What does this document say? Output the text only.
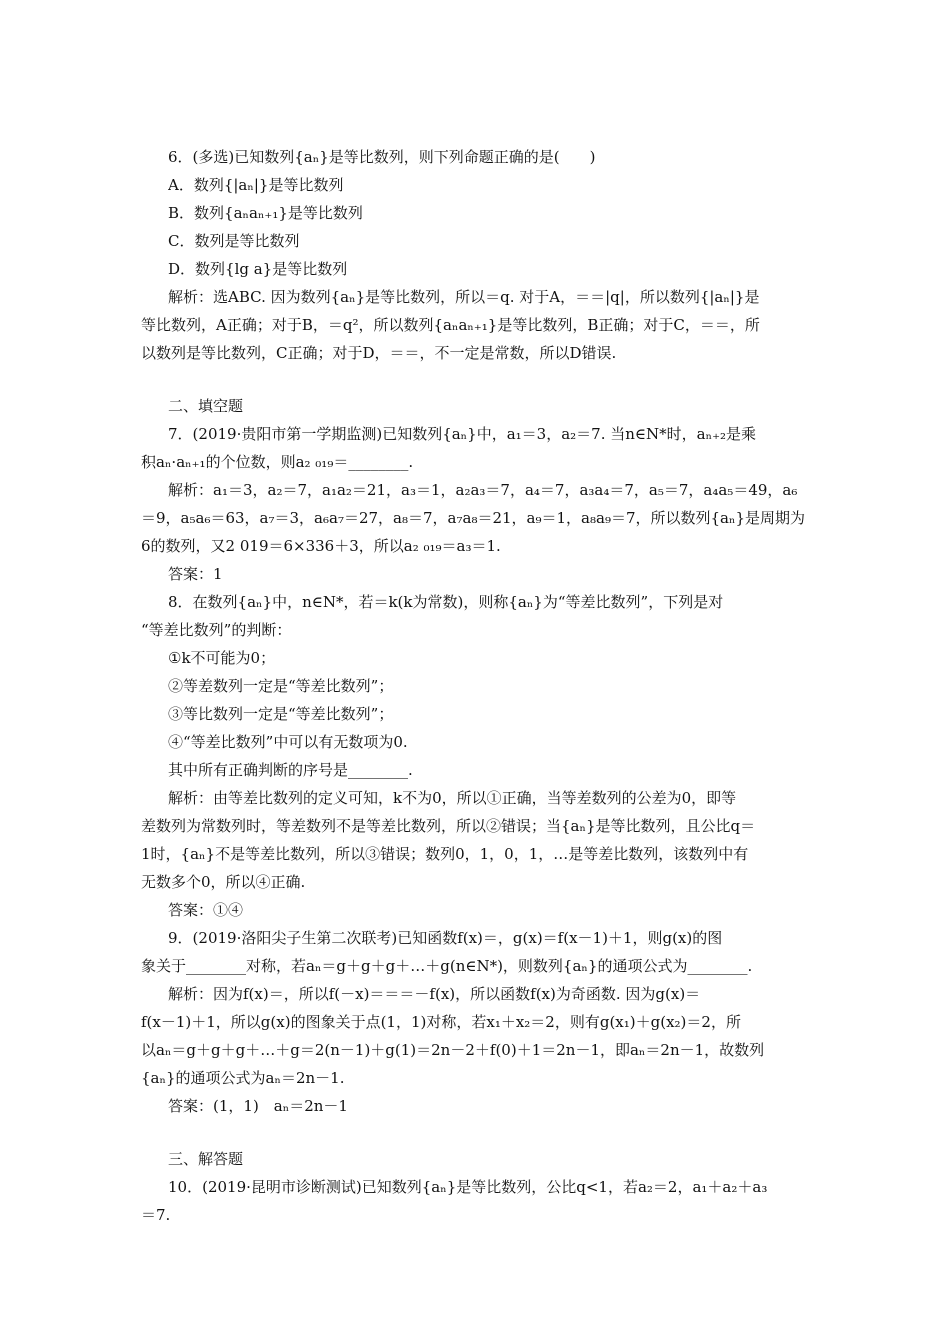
6．(多选)已知数列{aₙ}是等比数列，则下列命题正确的是(　　)
A．数列{|aₙ|}是等比数列
B．数列{aₙaₙ₊₁}是等比数列
C．数列是等比数列
D．数列{lg a}是等比数列
解析：选ABC. 因为数列{aₙ}是等比数列，所以＝q. 对于A，＝＝|q|，所以数列{|aₙ|}是
等比数列，A正确；对于B，＝q²，所以数列{aₙaₙ₊₁}是等比数列，B正确；对于C，＝＝，所
以数列是等比数列，C正确；对于D，＝＝，不一定是常数，所以D错误.
二、填空题
7．(2019·贵阳市第一学期监测)已知数列{aₙ}中，a₁＝3，a₂＝7. 当n∈N*时，aₙ₊₂是乘
积aₙ·aₙ₊₁的个位数，则a₂ ₀₁₉＝________.
解析：a₁＝3，a₂＝7，a₁a₂＝21，a₃＝1，a₂a₃＝7，a₄＝7，a₃a₄＝7，a₅＝7，a₄a₅＝49，a₆
＝9，a₅a₆＝63，a₇＝3，a₆a₇＝27，a₈＝7，a₇a₈＝21，a₉＝1，a₈a₉＝7，所以数列{aₙ}是周期为
6的数列，又2 019＝6×336＋3，所以a₂ ₀₁₉＝a₃＝1.
答案：1
8．在数列{aₙ}中，n∈N*，若＝k(k为常数)，则称{aₙ}为“等差比数列”，下列是对
“等差比数列”的判断：
①k不可能为0；
②等差数列一定是“等差比数列”；
③等比数列一定是“等差比数列”；
④“等差比数列”中可以有无数项为0.
其中所有正确判断的序号是________.
解析：由等差比数列的定义可知，k不为0，所以①正确，当等差数列的公差为0，即等
差数列为常数列时，等差数列不是等差比数列，所以②错误；当{aₙ}是等比数列，且公比q＝
1时，{aₙ}不是等差比数列，所以③错误；数列0，1，0，1，…是等差比数列，该数列中有
无数多个0，所以④正确.
答案：①④
9．(2019·洛阳尖子生第二次联考)已知函数f(x)＝，g(x)＝f(x－1)＋1，则g(x)的图
象关于________对称，若aₙ＝g＋g＋g＋…＋g(n∈N*)，则数列{aₙ}的通项公式为________.
解析：因为f(x)＝，所以f(－x)＝＝＝－f(x)，所以函数f(x)为奇函数. 因为g(x)＝
f(x－1)＋1，所以g(x)的图象关于点(1，1)对称，若x₁＋x₂＝2，则有g(x₁)＋g(x₂)＝2，所
以aₙ＝g＋g＋g＋…＋g＝2(n－1)＋g(1)＝2n－2＋f(0)＋1＝2n－1，即aₙ＝2n－1，故数列
{aₙ}的通项公式为aₙ＝2n－1.
答案：(1，1)　aₙ＝2n－1
三、解答题
10．(2019·昆明市诊断测试)已知数列{aₙ}是等比数列，公比q<1，若a₂＝2，a₁＋a₂＋a₃
＝7.
